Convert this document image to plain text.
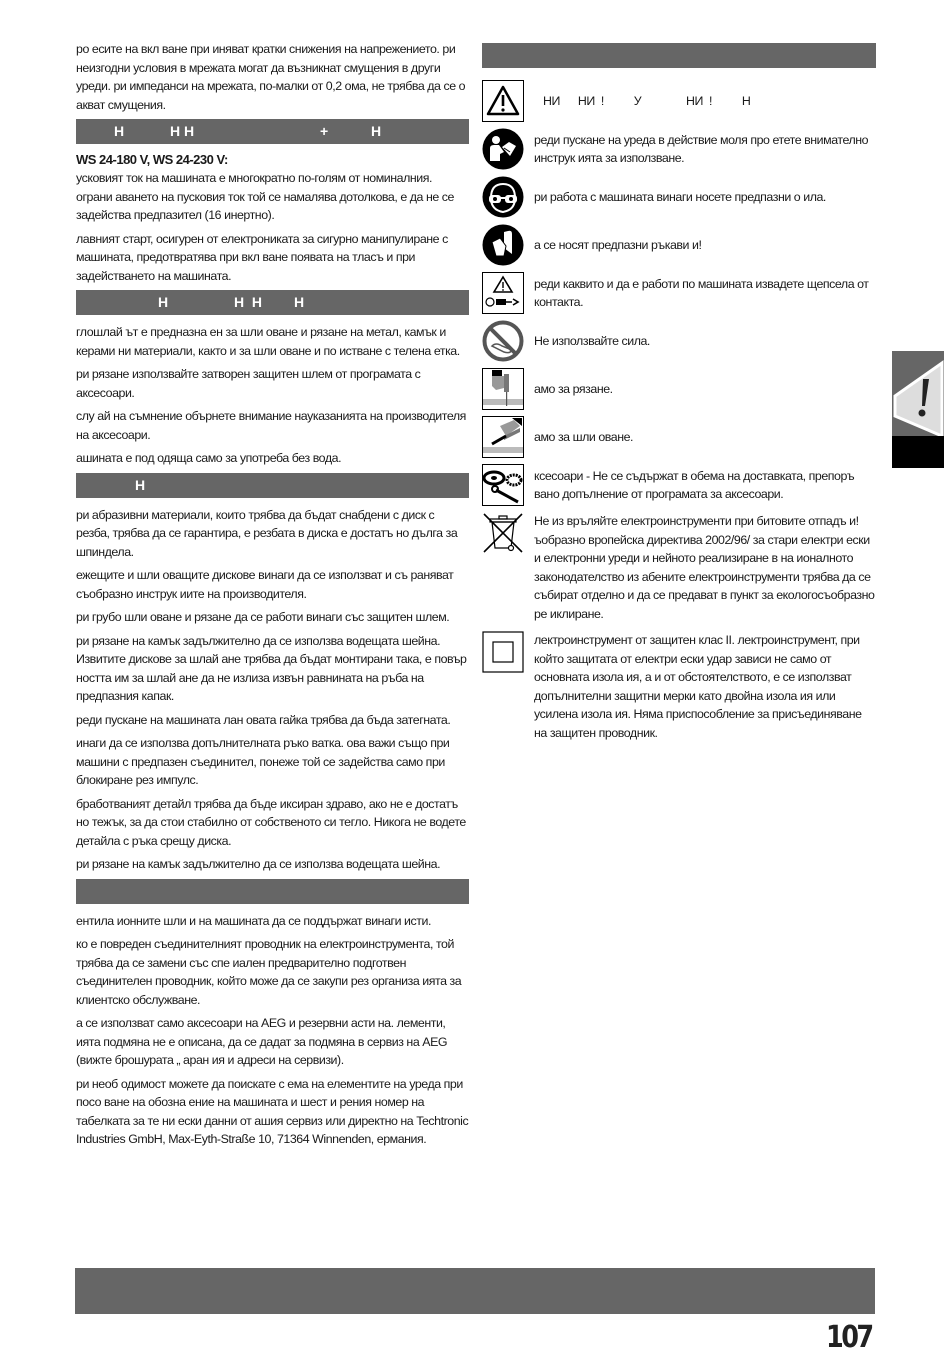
ро есите на вкл ване при иняват кратки снижения на напрежението. ри неизгодни условия в мрежата могат да възникнат смущения в други уреди. ри импеданси на мрежата, по-малки от 0,2 ома, не трябва да се о акват смущения.

Н

	Н Н

	+

	Н

WS 24-180 V, WS 24-230 V:

усковият ток на машината е многократно по-голям от номиналния. ограни аването на пусковия ток той се намалява дотолкова, е да не се задейства предпазител (16 инертно).

лавният старт, осигурен от електрониката за сигурно манипулиране с машината, предотвратява при вкл ване появата на тласъ и при задействането на машината.

Н

	Н  Н

Н

глошлай ът е предназна ен за шли оване и рязане на метал, камък и керами ни материали, както и за шли оване и по истване с телена етка.

ри рязане използвайте затворен защитен шлем от програмата с аксесоари.

слу ай на съмнение обърнете внимание науказанията на производителя на аксесоари.

ашината е под одяща само за употреба без вода.

Н

ри абразивни материали, които трябва да бъдат снабдени с диск с резба, трябва да се гарантира, е резбата в диска е достатъ но дълга за шпиндела.

ежещите и шли оващите дискове винаги да се използват и съ раняват съобразно инструк иите на производителя.

ри грубо шли оване и рязане да се работи винаги със защитен шлем.

ри рязане на камък задължително да се използва водещата шейна. Извитите дискове за шлай ане трябва да бъдат монтирани така, е повър ността им за шлай ане да не излиза извън равнината на ръба на предпазния капак.

реди пускане на машината лан овата гайка трябва да бъда затегната.

инаги да се използва допълнителната ръко ватка. ова важи също при машини с предпазен съединител, понеже той се задейства само при блокиране рез импулс.

бработваният детайл трябва да бъде иксиран здраво, ако не е достатъ но тежък, за да стои стабилно от собственото си тегло. Никога не водете детайла с ръка срещу диска.

ри рязане на камък задължително да се използва водещата шейна.

ентила ионните шли и на машината да се поддържат винаги исти.

ко е повреден съединителният проводник на електроинструмента, той трябва да се замени със спе иален предварително подготвен съединителен проводник, който може да се закупи рез организа ията за клиентско обслужване.

а се използват само аксесоари на AEG и резервни асти на. лементи, ията подмяна не е описана, да се дадат за подмяна в сервиз на AEG (вижте брошурата „ аран ия и адреси на сервизи).

ри необ одимост можете да поискате с ема на елементите на уреда при посо ване на обозна ение на машината и шест и рения номер на табелката за те ни ески данни от ашия сервиз или директно на Techtronic Industries GmbH, Max-Eyth-Straße 10, 71364 Winnenden, ермания.

НИ      НИ  !          У               НИ  !          Н
реди пускане на уреда в действие моля про етете внимателно инструк ията за използване.
ри работа с машината винаги носете предпазни о ила.
а се носят предпазни ръкави и!
реди каквито и да е работи по машината извадете щепсела от контакта.
Не използвайте сила.
амо за рязане.
амо за шли оване.
ксесоари - Не се съдържат в обема на доставката, препоръ вано допълнение от програмата за аксесоари.
Не из връляйте електроинструменти при битовите отпадъ и! ъобразно вропейска директива 2002/96/ за стари електри ески и електронни уреди и нейното реализиране в на ионалното законодателство из абените електроинструменти трябва да се събират отделно и да се предават в пункт за екологосъобразно ре иклиране.
лектроинструмент от защитен клас II. лектроинструмент, при който защитата от електри ески удар зависи не само от основната изола ия, а и от обстоятелството, е се използват допълнителни защитни мерки като двойна изола ия или усилена изола ия. Няма приспособление за присъединяване на защитен проводник.
107
